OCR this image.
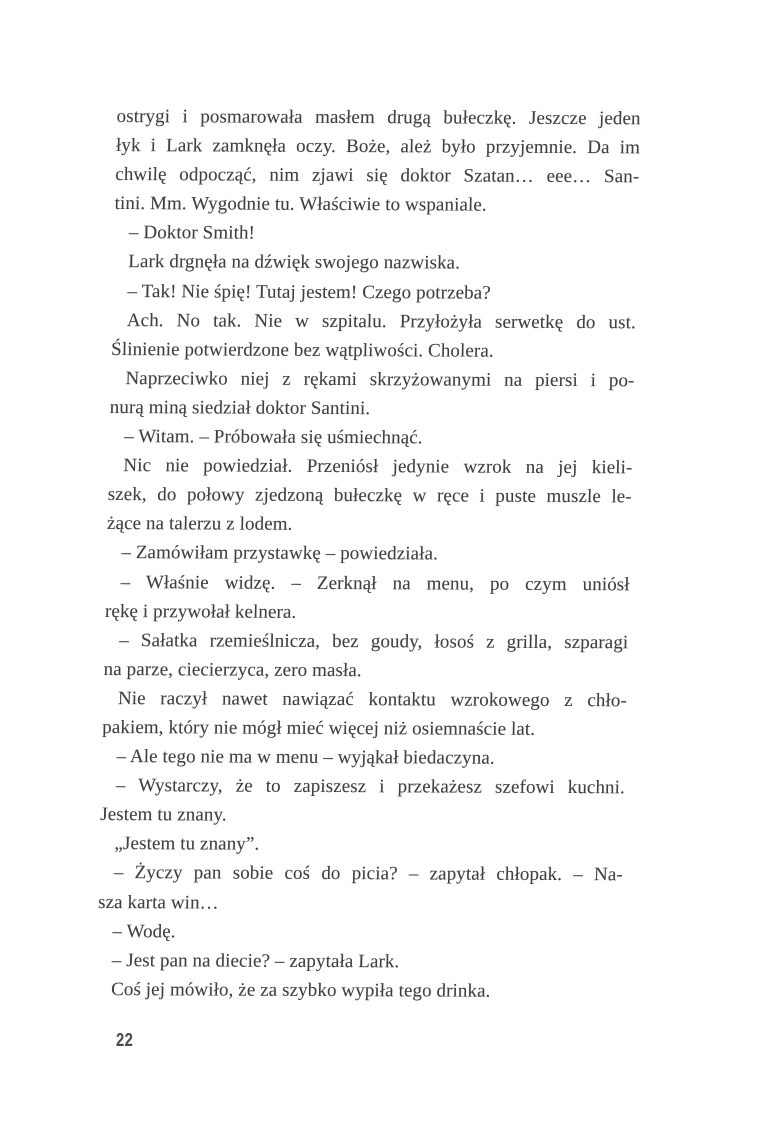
ostrygi i posmarowała masłem drugą bułeczkę. Jeszcze jeden
łyk i Lark zamknęła oczy. Boże, ależ było przyjemnie. Da im
chwilę odpocząć, nim zjawi się doktor Szatan… eee… San-
tini. Mm. Wygodnie tu. Właściwie to wspaniale.
– Doktor Smith!
Lark drgnęła na dźwięk swojego nazwiska.
– Tak! Nie śpię! Tutaj jestem! Czego potrzeba?
Ach. No tak. Nie w szpitalu. Przyłożyła serwetkę do ust.
Ślinienie potwierdzone bez wątpliwości. Cholera.
Naprzeciwko niej z rękami skrzyżowanymi na piersi i po-
nurą miną siedział doktor Santini.
– Witam. – Próbowała się uśmiechnąć.
Nic nie powiedział. Przeniósł jedynie wzrok na jej kieli-
szek, do połowy zjedzoną bułeczkę w ręce i puste muszle le-
żące na talerzu z lodem.
– Zamówiłam przystawkę – powiedziała.
– Właśnie widzę. – Zerknął na menu, po czym uniósł
rękę i przywołał kelnera.
– Sałatka rzemieślnicza, bez goudy, łosoś z grilla, szparagi
na parze, ciecierzyca, zero masła.
Nie raczył nawet nawiązać kontaktu wzrokowego z chło-
pakiem, który nie mógł mieć więcej niż osiemnaście lat.
– Ale tego nie ma w menu – wyjąkał biedaczyna.
– Wystarczy, że to zapiszesz i przekażesz szefowi kuchni.
Jestem tu znany.
„Jestem tu znany”.
– Życzy pan sobie coś do picia? – zapytał chłopak. – Na-
sza karta win…
– Wodę.
– Jest pan na diecie? – zapytała Lark.
Coś jej mówiło, że za szybko wypiła tego drinka.
22
